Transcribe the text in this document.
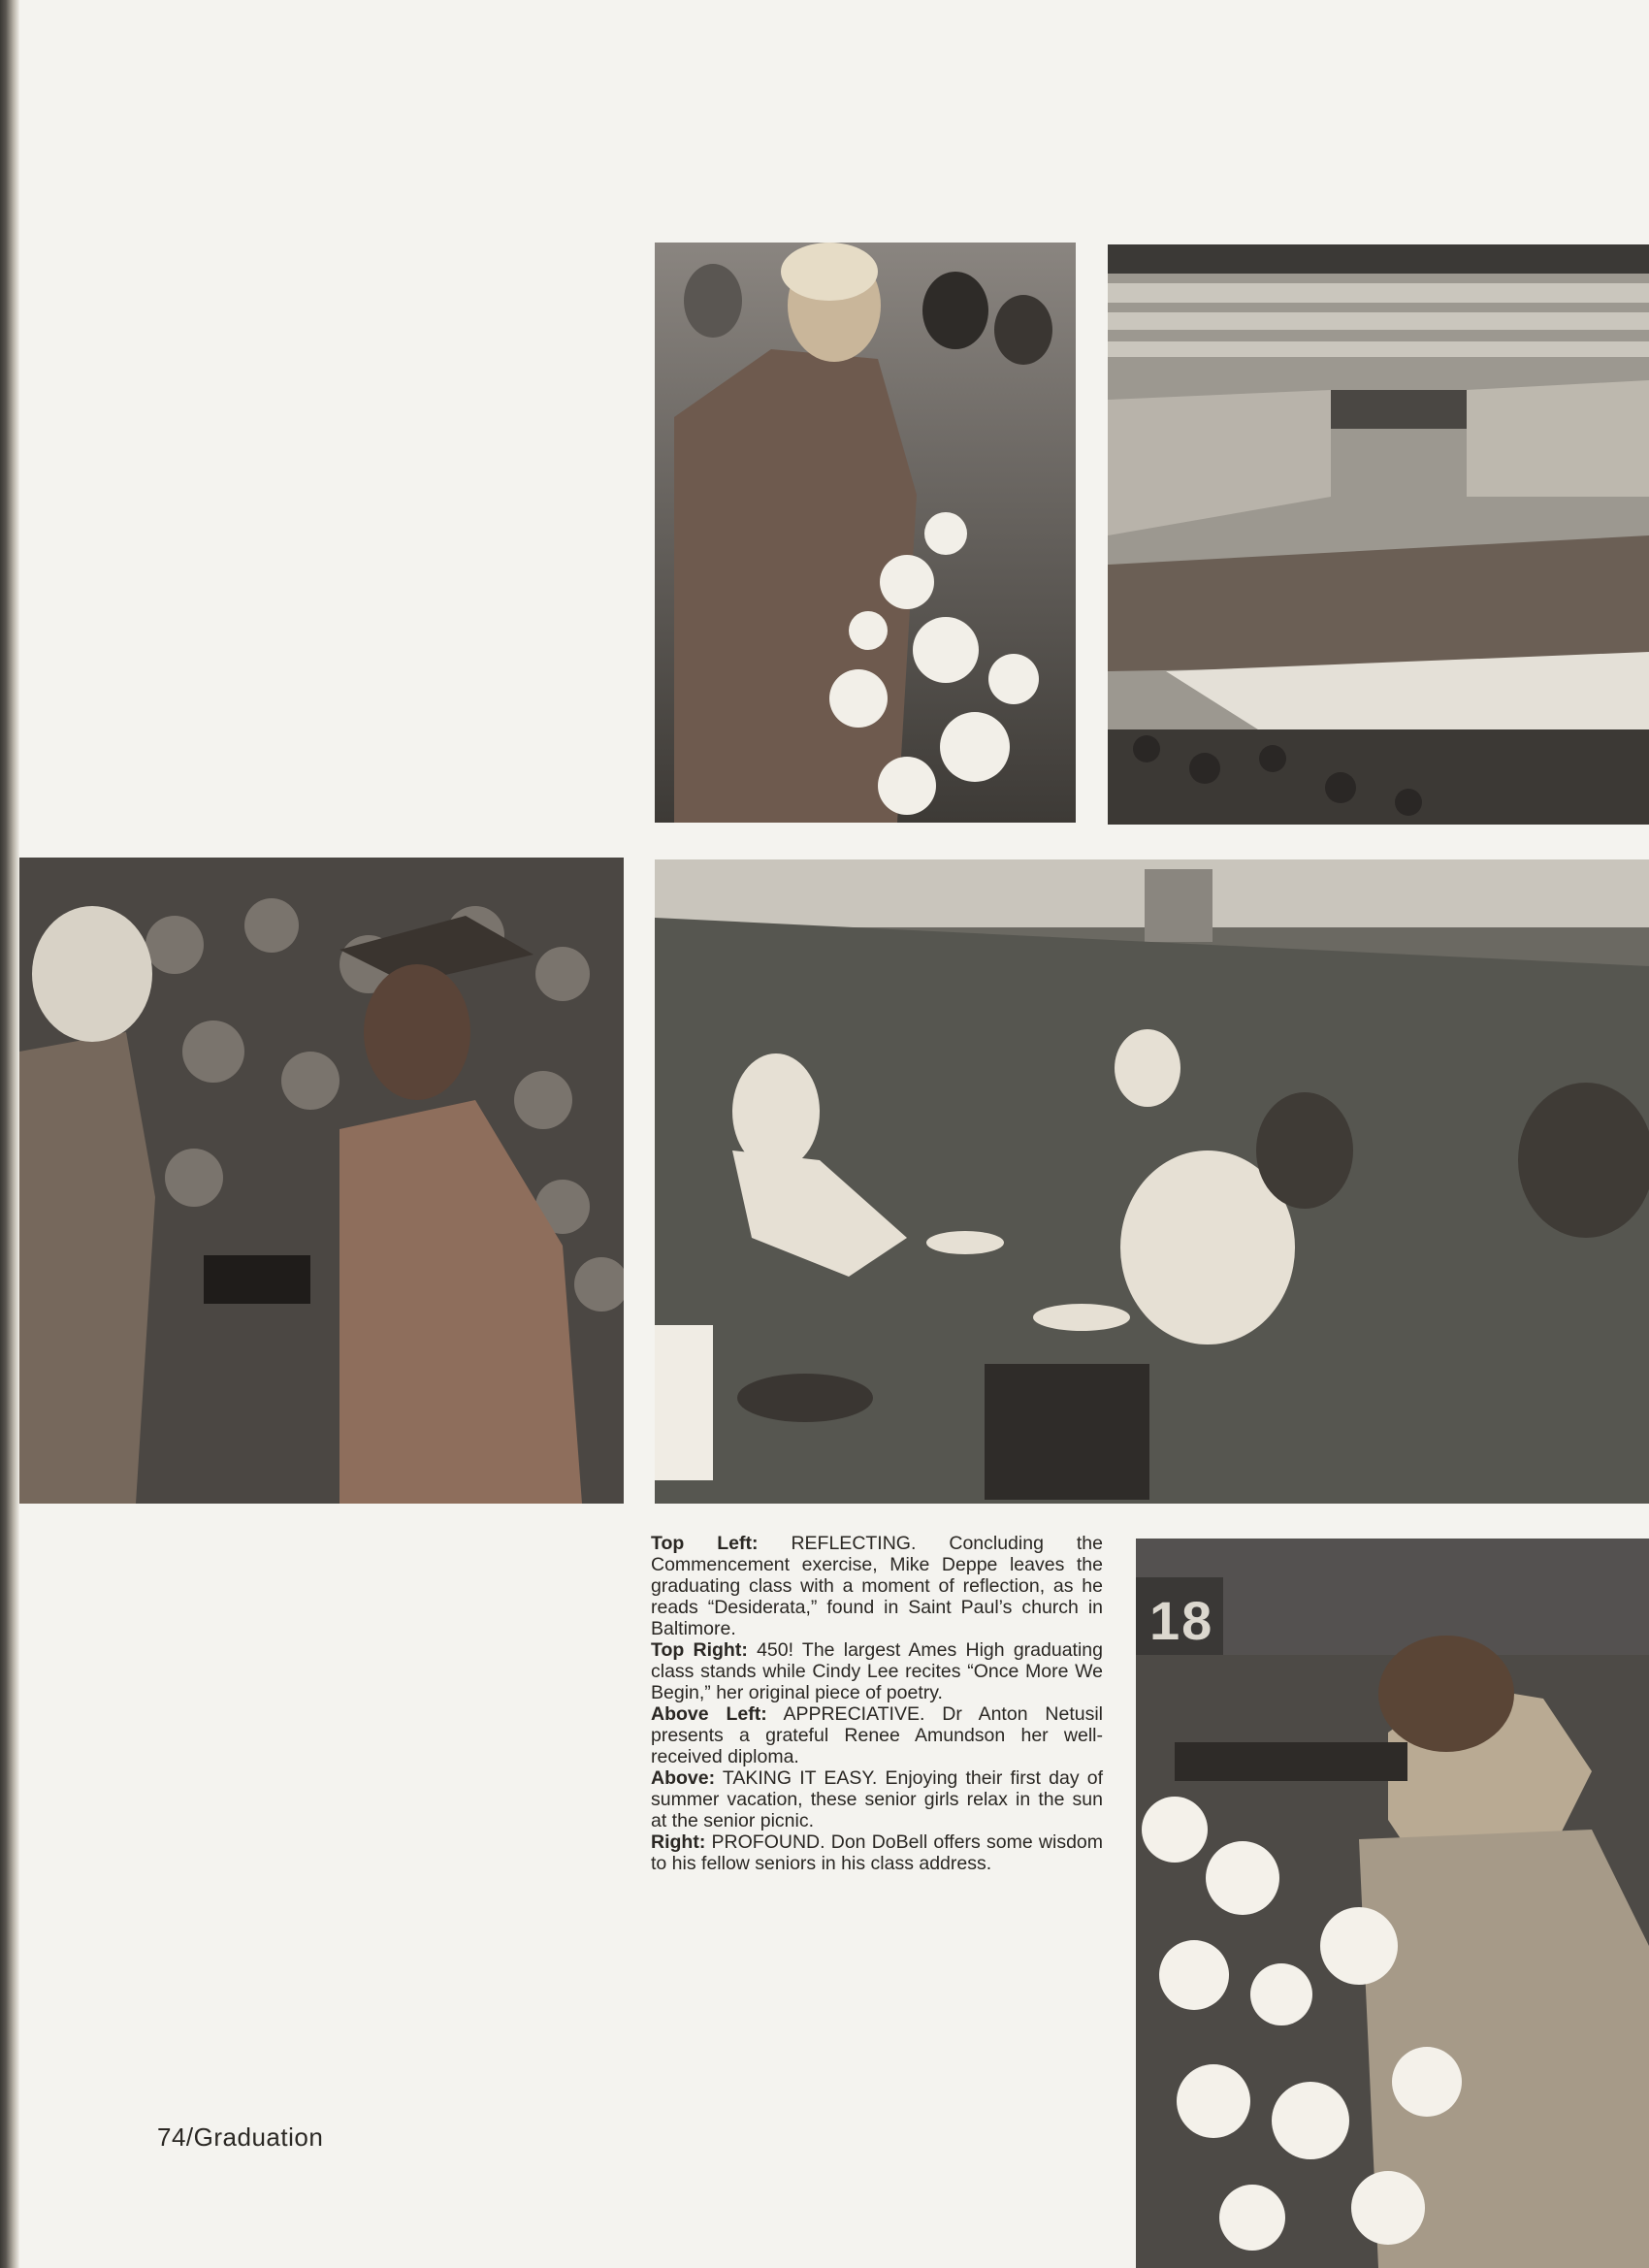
18

Top Left: REFLECTING. Concluding the Commencement exercise, Mike Deppe leaves the graduating class with a moment of reflection, as he reads “Desiderata,” found in Saint Paul’s church in Baltimore.

Top Right: 450! The largest Ames High graduating class stands while Cindy Lee recites “Once More We Begin,” her original piece of poetry.

Above Left: APPRECIATIVE. Dr Anton Netusil presents a grateful Renee Amundson her well-received diploma.

Above: TAKING IT EASY. Enjoying their first day of summer vacation, these senior girls relax in the sun at the senior picnic.

Right: PROFOUND. Don DoBell offers some wisdom to his fellow seniors in his class address.

74/Graduation
